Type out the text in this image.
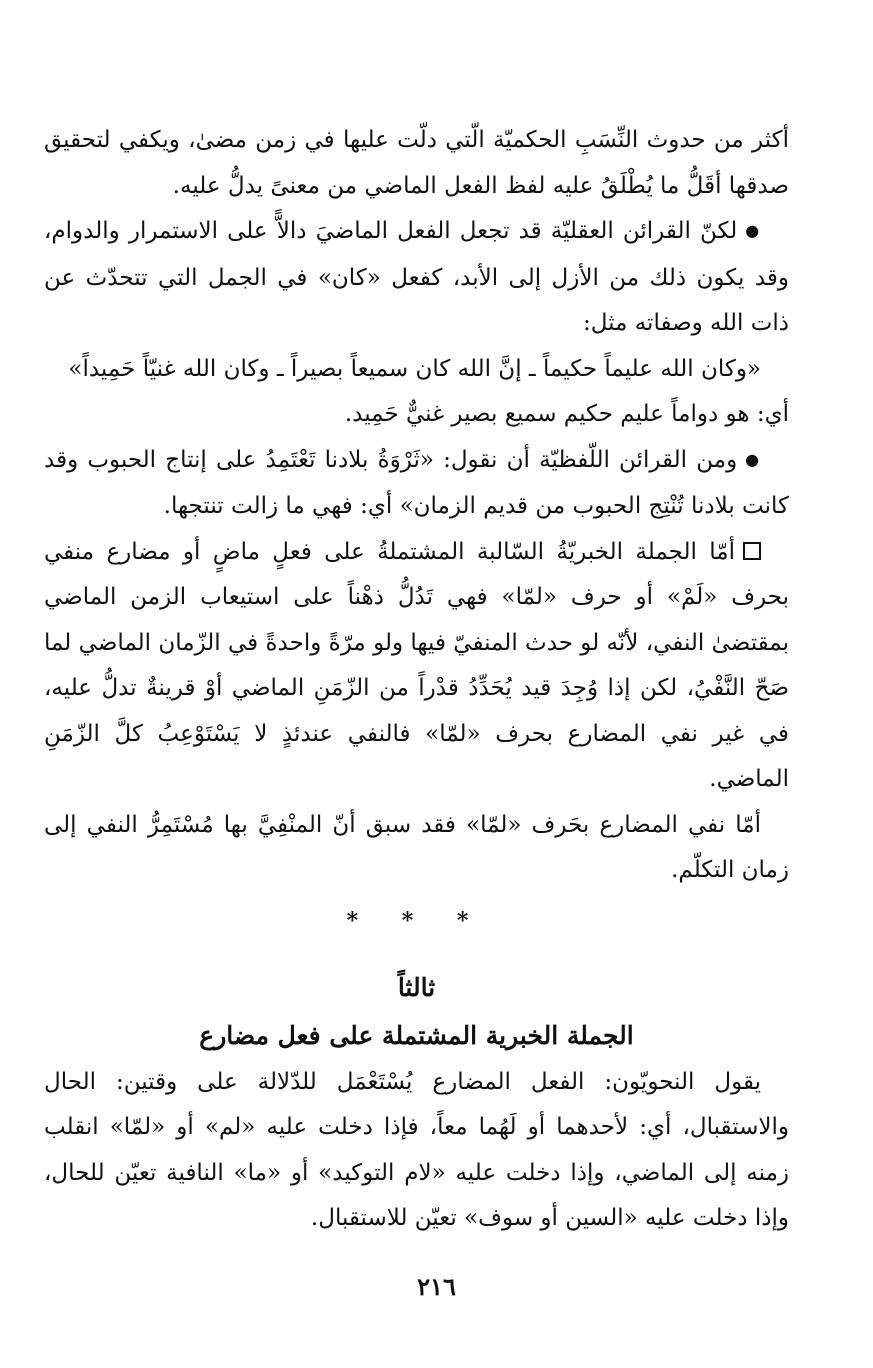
أكثر من حدوث النِّسَبِ الحكميّة الّتي دلّت عليها في زمن مضىٰ، ويكفي لتحقيق صدقها أقَلُّ ما يُطْلَقُ عليه لفظ الفعل الماضي من معنىً يدلُّ عليه.

●لكنّ القرائن العقليّة قد تجعل الفعل الماضيَ دالاًّ على الاستمرار والدوام، وقد يكون ذلك من الأزل إلى الأبد، كفعل «كان» في الجمل التي تتحدّث عن ذات الله وصفاته مثل:

«وكان الله عليماً حكيماً ـ إنَّ الله كان سميعاً بصيراً ـ وكان الله غنيّاً حَمِيداً»

أي: هو دواماً عليم حكيم سميع بصير غنيٌّ حَمِيد.

●ومن القرائن اللّفظيّة أن نقول: «ثَرْوَةُ بلادنا تَعْتَمِدُ على إنتاج الحبوب وقد كانت بلادنا تُنْتِج الحبوب من قديم الزمان» أي: فهي ما زالت تنتجها.

أمّا الجملة الخبريّةُ السّالبة المشتملةُ على فعلٍ ماضٍ أو مضارع منفي بحرف «لَمْ» أو حرف «لمّا» فهي تَدُلُّ ذهْناً على استيعاب الزمن الماضي بمقتضىٰ النفي، لأنّه لو حدث المنفيّ فيها ولو مرّةً واحدةً في الزّمان الماضي لما صَحّ النَّفْيُ، لكن إذا وُجِدَ قيد يُحَدِّدُ قدْراً من الزّمَنِ الماضي أوْ قرينةٌ تدلُّ عليه، في غير نفي المضارع بحرف «لمّا» فالنفي عندئذٍ لا يَسْتَوْعِبُ كلَّ الزّمَنِ الماضي.

أمّا نفي المضارع بحَرف «لمّا» فقد سبق أنّ المنْفِيَّ بها مُسْتَمِرُّ النفي إلى زمان التكلّم.

* * *
ثالثاً
الجملة الخبرية المشتملة على فعل مضارع

يقول النحويّون: الفعل المضارع يُسْتَعْمَل للدّلالة على وقتين: الحال والاستقبال، أي: لأحدهما أو لَهُما معاً، فإذا دخلت عليه «لم» أو «لمّا» انقلب زمنه إلى الماضي، وإذا دخلت عليه «لام التوكيد» أو «ما» النافية تعيّن للحال، وإذا دخلت عليه «السين أو سوف» تعيّن للاستقبال.

٢١٦
